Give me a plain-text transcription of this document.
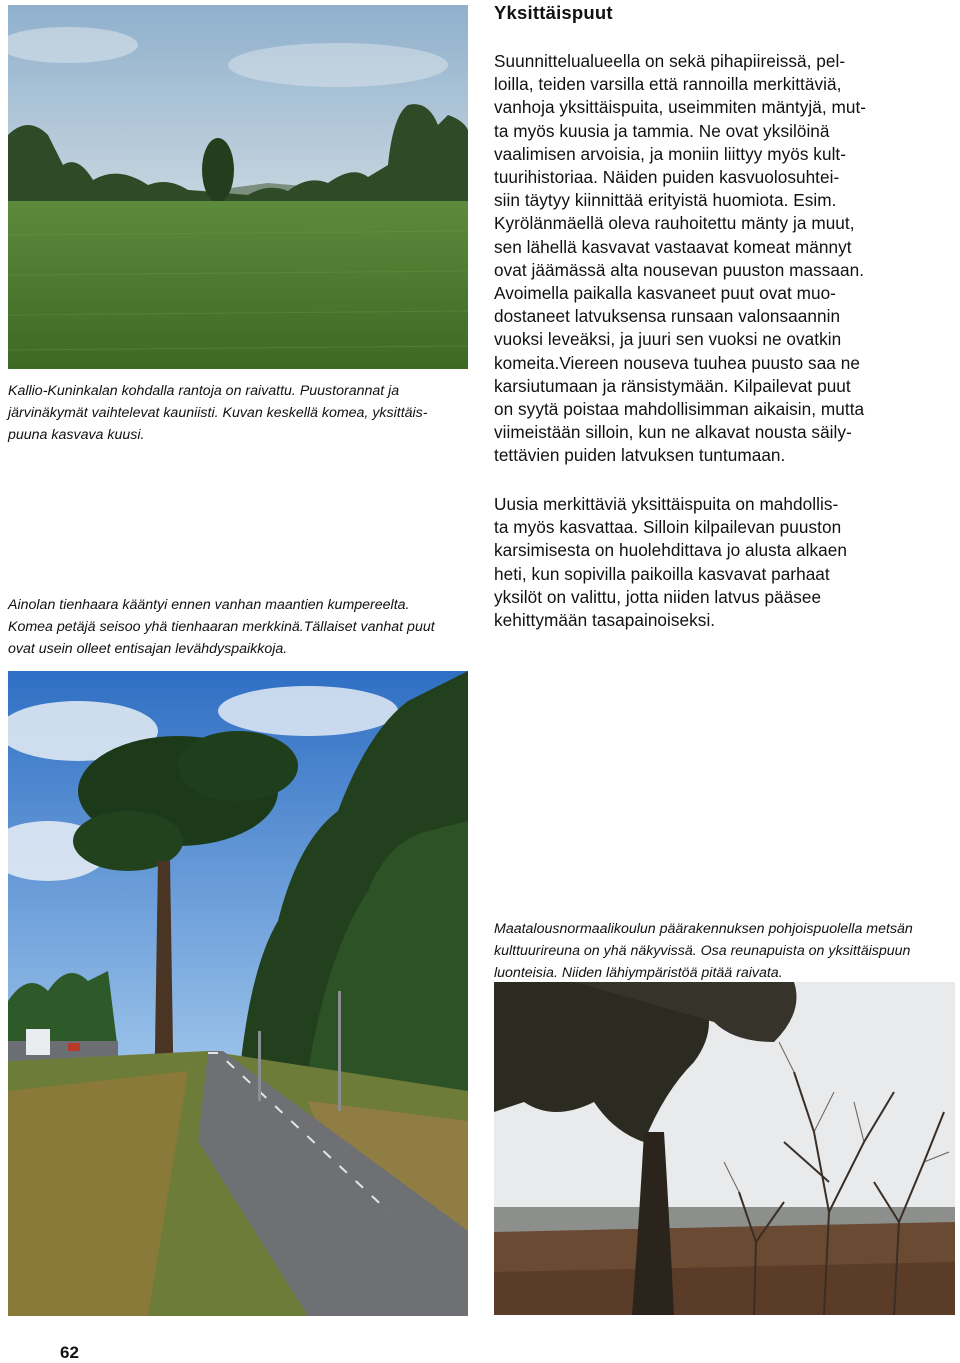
Kallio-Kuninkalan kohdalla rantoja on raivattu. Puustorannat ja
järvinäkymät vaihtelevat kauniisti. Kuvan keskellä komea, yksittäis-
puuna kasvava kuusi.

Ainolan tienhaara kääntyi ennen vanhan maantien kumpereelta.
Komea petäjä seisoo yhä tienhaaran merkkinä.Tällaiset vanhat puut
ovat usein olleet entisajan levähdyspaikkoja.

Yksittäispuut

Suunnittelualueella on sekä pihapiireissä, pel-
loilla, teiden varsilla että rannoilla merkittäviä,
vanhoja yksittäispuita, useimmiten mäntyjä, mut-
ta myös kuusia ja tammia. Ne ovat yksilöinä
vaalimisen arvoisia, ja moniin liittyy myös kult-
tuurihistoriaa. Näiden puiden kasvuolosuhtei-
siin täytyy kiinnittää erityistä huomiota. Esim.
Kyrölänmäellä oleva rauhoitettu mänty ja muut,
sen lähellä kasvavat vastaavat komeat männyt
ovat jäämässä alta nousevan puuston massaan.
Avoimella paikalla kasvaneet puut ovat muo-
dostaneet latvuksensa runsaan valonsaannin
vuoksi leveäksi, ja juuri sen vuoksi ne ovatkin
komeita.Viereen nouseva tuuhea puusto saa ne
karsiutumaan ja ränsistymään. Kilpailevat puut
on syytä poistaa mahdollisimman aikaisin, mutta
viimeistään silloin, kun ne alkavat nousta säily-
tettävien puiden latvuksen tuntumaan.

Uusia merkittäviä yksittäispuita on mahdollis-
ta myös kasvattaa. Silloin kilpailevan puuston
karsimisesta on huolehdittava jo alusta alkaen
heti, kun sopivilla paikoilla kasvavat parhaat
yksilöt on valittu, jotta niiden latvus pääsee
kehittymään tasapainoiseksi.

Maatalousnormaalikoulun päärakennuksen pohjoispuolella metsän
kulttuurireuna on yhä näkyvissä. Osa reunapuista on yksittäispuun
luonteisia. Niiden lähiympäristöä pitää raivata.

62
